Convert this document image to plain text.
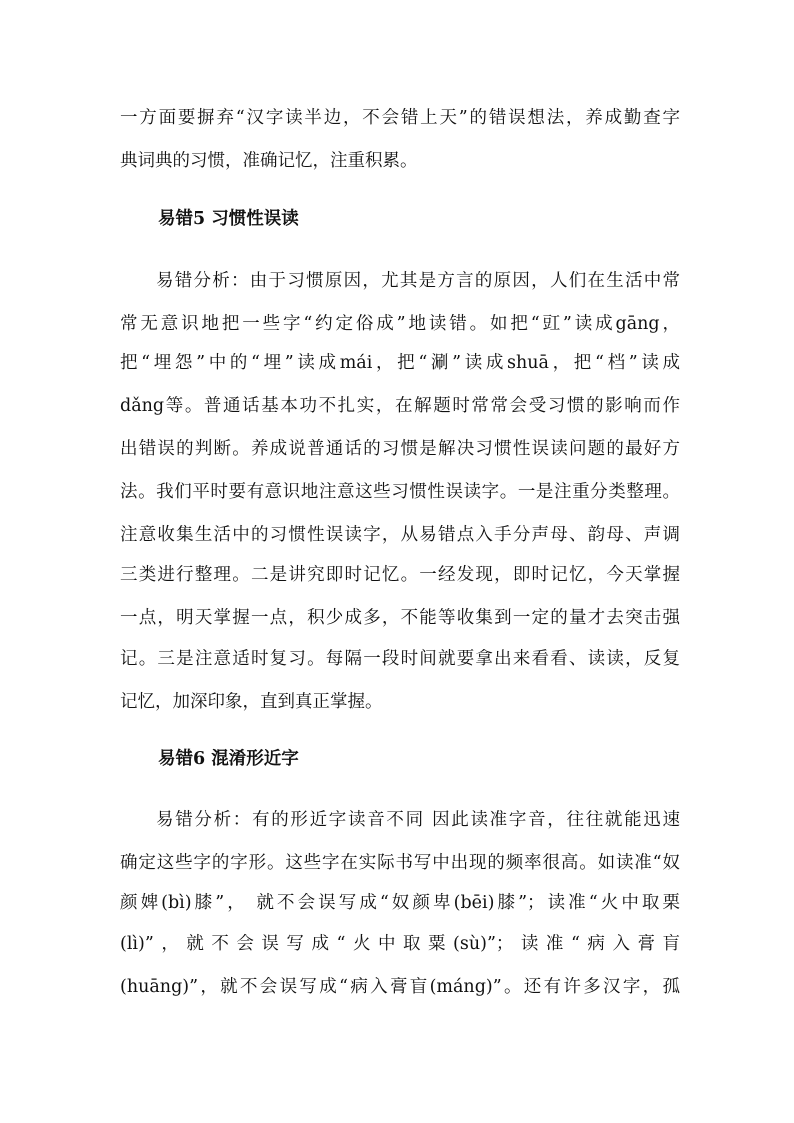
一方面要摒弃“汉字读半边，不会错上天”的错误想法，养成勤查字
典词典的习惯，准确记忆，注重积累。
易错5 习惯性误读
易错分析：由于习惯原因，尤其是方言的原因，人们在生活中常
常无意识地把一些字“约定俗成”地读错。如把“豇”读成gāng，
把“埋怨”中的“埋”读成mái，把“涮”读成shuā，把“档”读成
dǎng等。普通话基本功不扎实，在解题时常常会受习惯的影响而作
出错误的判断。养成说普通话的习惯是解决习惯性误读问题的最好方
法。我们平时要有意识地注意这些习惯性误读字。一是注重分类整理。
注意收集生活中的习惯性误读字，从易错点入手分声母、韵母、声调
三类进行整理。二是讲究即时记忆。一经发现，即时记忆，今天掌握
一点，明天掌握一点，积少成多，不能等收集到一定的量才去突击强
记。三是注意适时复习。每隔一段时间就要拿出来看看、读读，反复
记忆，加深印象，直到真正掌握。
易错6 混淆形近字
易错分析：有的形近字读音不同 因此读准字音，往往就能迅速
确定这些字的字形。这些字在实际书写中出现的频率很高。如读准“奴
颜婢(bì)膝”， 就不会误写成“奴颜卑(bēi)膝”；读准“火中取栗
(lì)”，就不会误写成“火中取粟(sù)”；读准“病入膏肓
(huāng)”，就不会误写成“病入膏盲(máng)”。还有许多汉字，孤
